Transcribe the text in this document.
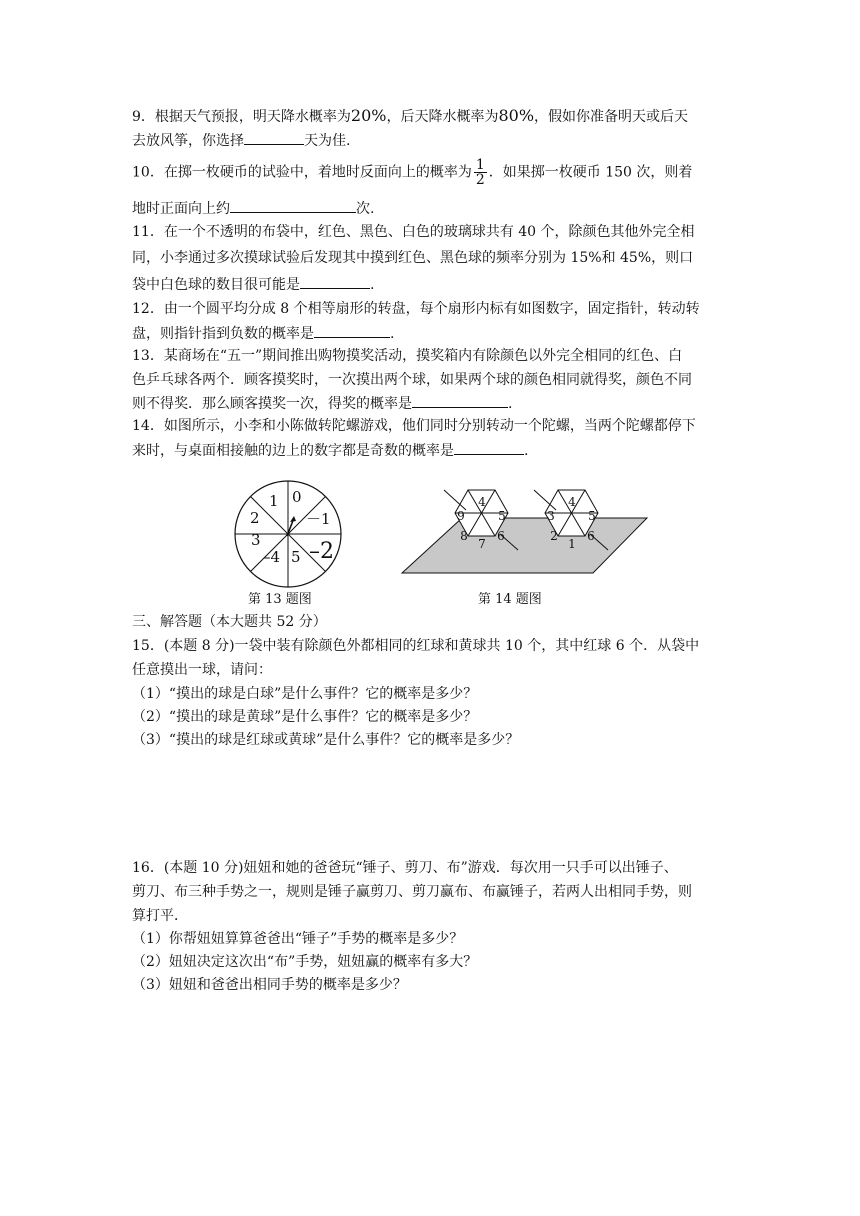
9．根据天气预报，明天降水概率为20%，后天降水概率为80%，假如你准备明天或后天
去放风筝，你选择	天为佳.
10．在掷一枚硬币的试验中，着地时反面向上的概率为 $\frac{1}{2}$ ．如果掷一枚硬币 150 次，则着
地时正面向上约	次.
11．在一个不透明的布袋中，红色、黑色、白色的玻璃球共有 40 个，除颜色其他外完全相
同，小李通过多次摸球试验后发现其中摸到红色、黑色球的频率分别为 15%和 45%，则口
袋中白色球的数目很可能是	.
12．由一个圆平均分成 8 个相等扇形的转盘，每个扇形内标有如图数字，固定指针，转动转
盘，则指针指到负数的概率是	.
13．某商场在“五一”期间推出购物摸奖活动，摸奖箱内有除颜色以外完全相同的红色、白
色乒乓球各两个．顾客摸奖时，一次摸出两个球，如果两个球的颜色相同就得奖，颜色不同
则不得奖．那么顾客摸奖一次，得奖的概率是	.
14．如图所示，小李和小陈做转陀螺游戏，他们同时分别转动一个陀螺，当两个陀螺都停下
来时，与桌面相接触的边上的数字都是奇数的概率是	.
1 0
－1
2
3
–4 5 –2
4
9	5
8 6
7
4
3	5
2 6
1
第 13 题图	第 14 题图
三、解答题（本大题共 52 分）
15．(本题 8 分)一袋中装有除颜色外都相同的红球和黄球共 10 个，其中红球 6 个．从袋中
任意摸出一球，请问：
（1）“摸出的球是白球”是什么事件？它的概率是多少？
（2）“摸出的球是黄球”是什么事件？它的概率是多少？
（3）“摸出的球是红球或黄球”是什么事件？它的概率是多少？
16．(本题 10 分)妞妞和她的爸爸玩“锤子、剪刀、布”游戏．每次用一只手可以出锤子、
剪刀、布三种手势之一，规则是锤子赢剪刀、剪刀赢布、布赢锤子，若两人出相同手势，则
算打平．
（1）你帮妞妞算算爸爸出“锤子”手势的概率是多少？
（2）妞妞决定这次出“布”手势，妞妞赢的概率有多大？
（3）妞妞和爸爸出相同手势的概率是多少？
